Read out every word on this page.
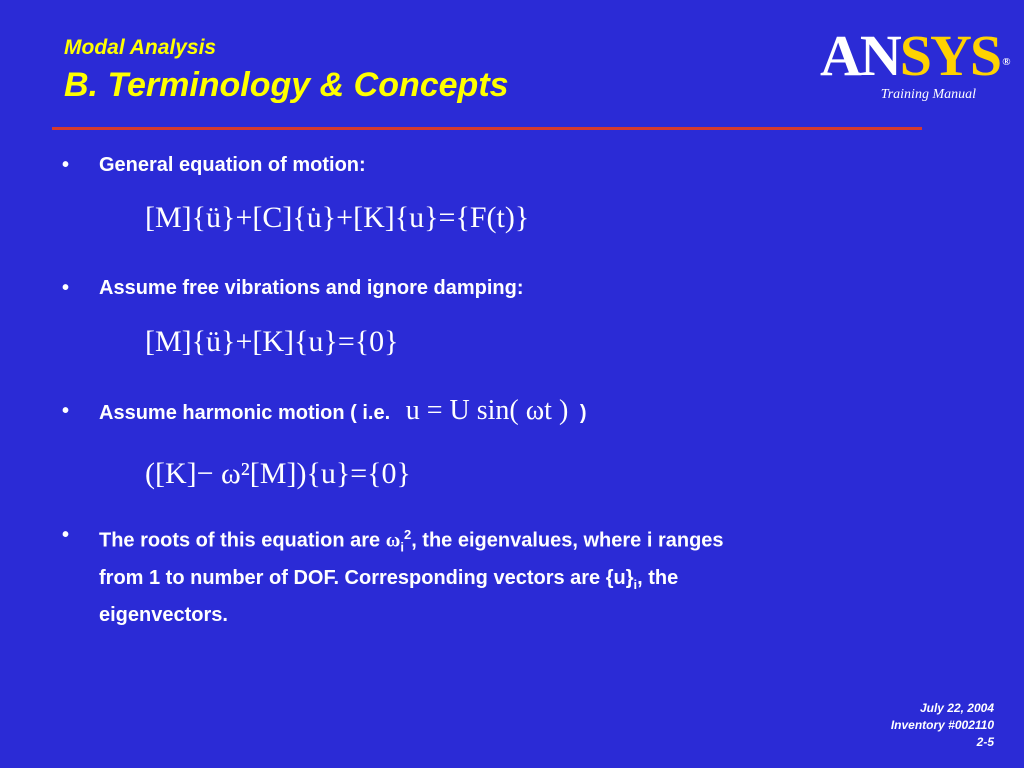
Modal Analysis
B. Terminology & Concepts	ANSYS ®
Training Manual
• General equation of motion:
[M]{ü}+[C]{u̇}+[K]{u}={F(t)}
• Assume free vibrations and ignore damping:
[M]{ü}+[K]{u}={0}
• Assume harmonic motion ( i.e. u = U sin( ωt ) )
([K]− ω²[M]){u}={0}
• The roots of this equation are $\omega_i^2$, the eigenvalues, where i ranges
from 1 to number of DOF. Corresponding vectors are $\{u\}_i$, the
eigenvectors.
July 22, 2004
Inventory #002110
2-5
